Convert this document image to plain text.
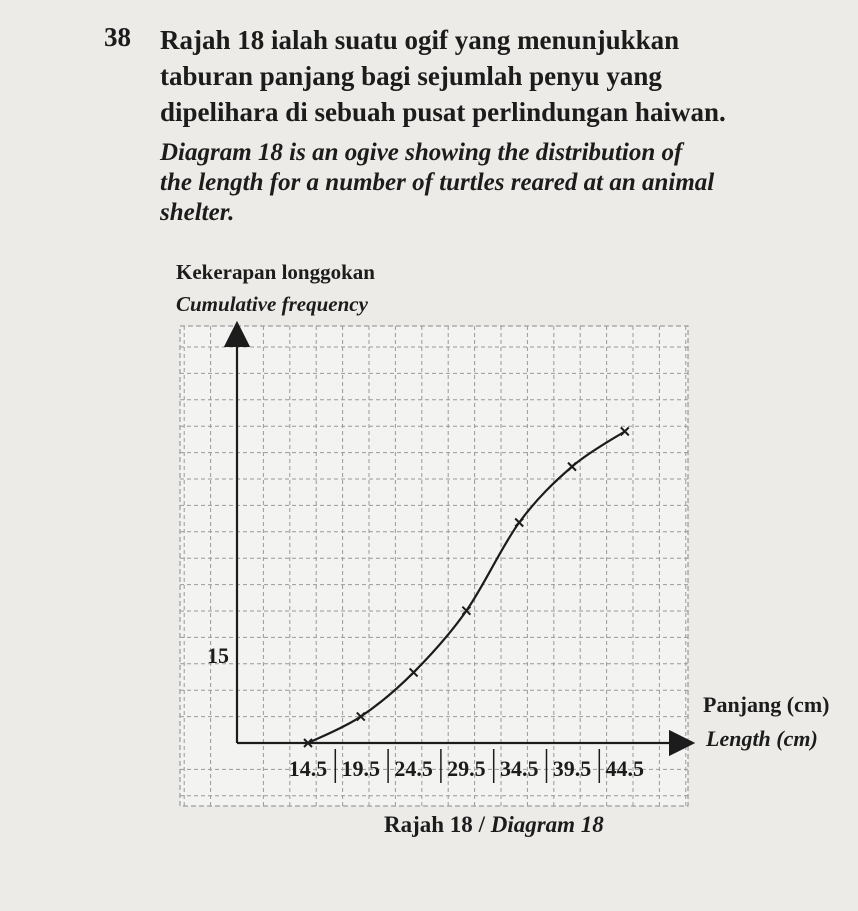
38 Rajah 18 ialah suatu ogif yang menunjukkan
taburan panjang bagi sejumlah penyu yang
dipelihara di sebuah pusat perlindungan haiwan.
Diagram 18 is an ogive showing the distribution of
the length for a number of turtles reared at an animal
shelter.
Kekerapan longgokan
Cumulative frequency
14.5 19.5 24.5 29.5 34.5 39.5 44.5
15
Panjang (cm)
Length (cm)
Rajah 18 / Diagram 18
